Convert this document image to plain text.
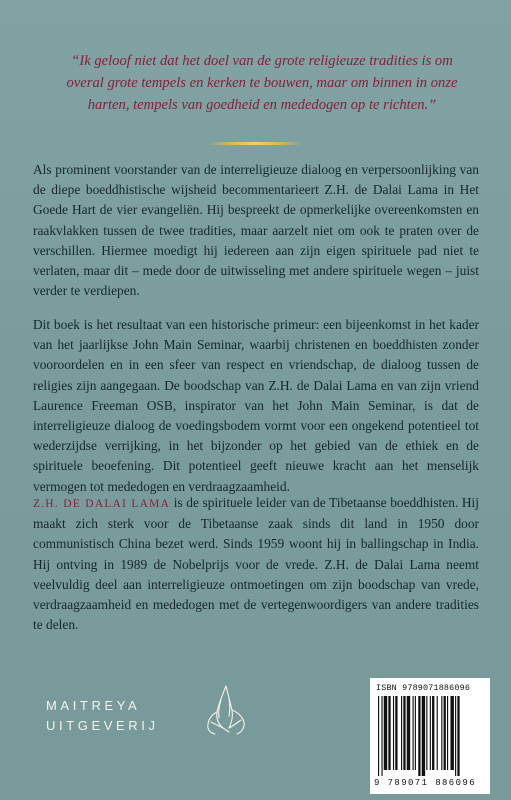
“Ik geloof niet dat het doel van de grote religieuze tradities is om overal grote tempels en kerken te bouwen, maar om binnen in onze harten, tempels van goedheid en mededogen op te richten.”
Als prominent voorstander van de interreligieuze dialoog en verpersoonlijking van de diepe boeddhistische wijsheid becommentarieert Z.H. de Dalai Lama in Het Goede Hart de vier evangeliën. Hij bespreekt de opmerkelijke overeenkomsten en raakvlakken tussen de twee tradities, maar aarzelt niet om ook te praten over de verschillen. Hiermee moedigt hij iedereen aan zijn eigen spirituele pad niet te verlaten, maar dit – mede door de uitwisseling met andere spirituele wegen – juist verder te verdiepen.
Dit boek is het resultaat van een historische primeur: een bijeenkomst in het kader van het jaarlijkse John Main Seminar, waarbij christenen en boeddhisten zonder vooroordelen en in een sfeer van respect en vriendschap, de dialoog tussen de religies zijn aangegaan. De boodschap van Z.H. de Dalai Lama en van zijn vriend Laurence Freeman OSB, inspirator van het John Main Seminar, is dat de interreligieuze dialoog de voedingsbodem vormt voor een ongekend potentieel tot wederzijdse verrijking, in het bijzonder op het gebied van de ethiek en de spirituele beoefening. Dit potentieel geeft nieuwe kracht aan het menselijk vermogen tot mededogen en verdraagzaamheid.
Z.H. DE DALAI LAMA is de spirituele leider van de Tibetaanse boeddhisten. Hij maakt zich sterk voor de Tibetaanse zaak sinds dit land in 1950 door communistisch China bezet werd. Sinds 1959 woont hij in ballingschap in India. Hij ontving in 1989 de Nobelprijs voor de vrede. Z.H. de Dalai Lama neemt veelvuldig deel aan interreligieuze ontmoetingen om zijn boodschap van vrede, verdraagzaamheid en mededogen met de vertegenwoordigers van andere tradities te delen.
MAITREYA
UITGEVERIJ
ISBN 9789071886096
9 789071 886096
